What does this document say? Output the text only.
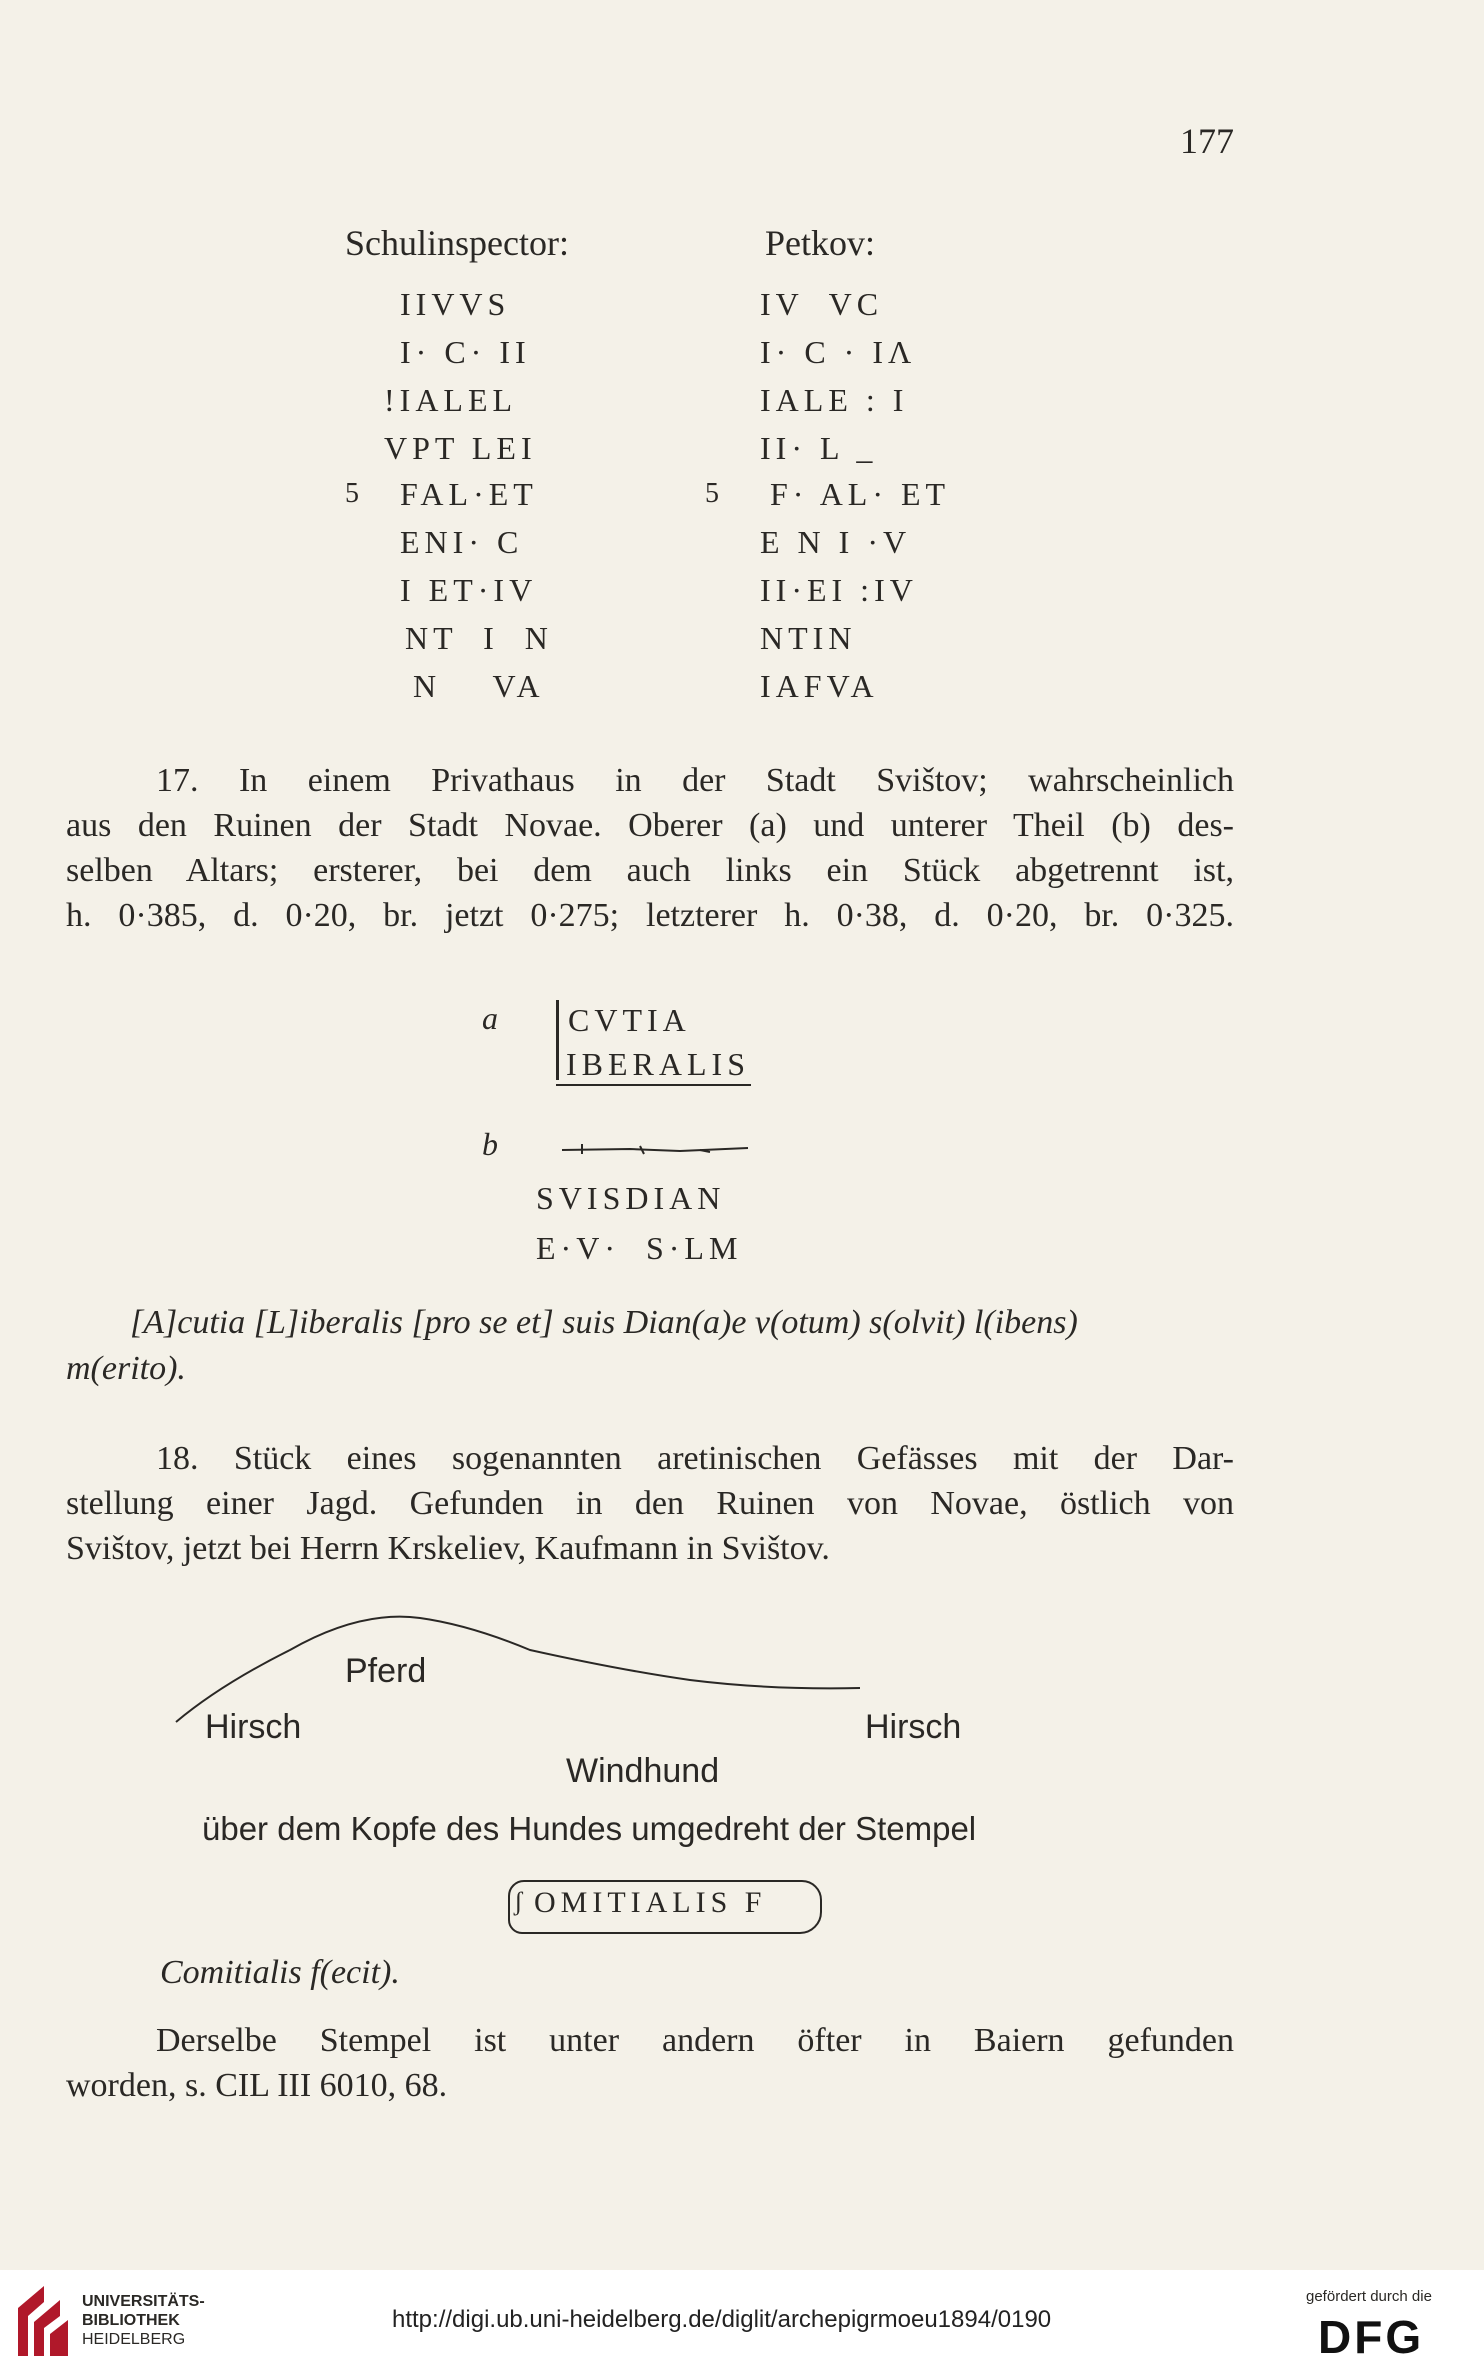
177
Schulinspector:	Petkov:
IIVVS
I· C· II
!IALEL
VPT LEI
5 FAL·ET
ENI· C
I ET·IV
NT  I  N
N    VA
IV  VC
I· C · IΛ
IALE : I
II· L _
5 F· AL· ET
E N I ·V
II·EI :IV
NTIN
IAFVA
17. In einem Privathaus in der Stadt Svištov; wahrscheinlich
aus den Ruinen der Stadt Novae. Oberer (a) und unterer Theil (b) des-
selben Altars; ersterer, bei dem auch links ein Stück abgetrennt ist,
h. 0·385, d. 0·20, br. jetzt 0·275; letzterer h. 0·38, d. 0·20, br. 0·325.
a CVTIA
IBERALIS
b
SVISDIAN
E·V·  S·LM
[A]cutia [L]iberalis [pro se et] suis Dian(a)e v(otum) s(olvit) l(ibens)
m(erito).
18. Stück eines sogenannten aretinischen Gefässes mit der Dar-
stellung einer Jagd. Gefunden in den Ruinen von Novae, östlich von
Svištov, jetzt bei Herrn Krskeliev, Kaufmann in Svištov.
Pferd
Hirsch	Hirsch
Windhund
über dem Kopfe des Hundes umgedreht der Stempel
ʃ OMITIALIS F
Comitialis f(ecit).
Derselbe Stempel ist unter andern öfter in Baiern gefunden
worden, s. CIL III 6010, 68.
UNIVERSITÄTS-
BIBLIOTHEK
HEIDELBERG
http://digi.ub.uni-heidelberg.de/diglit/archepigrmoeu1894/0190
gefördert durch die
DFG
